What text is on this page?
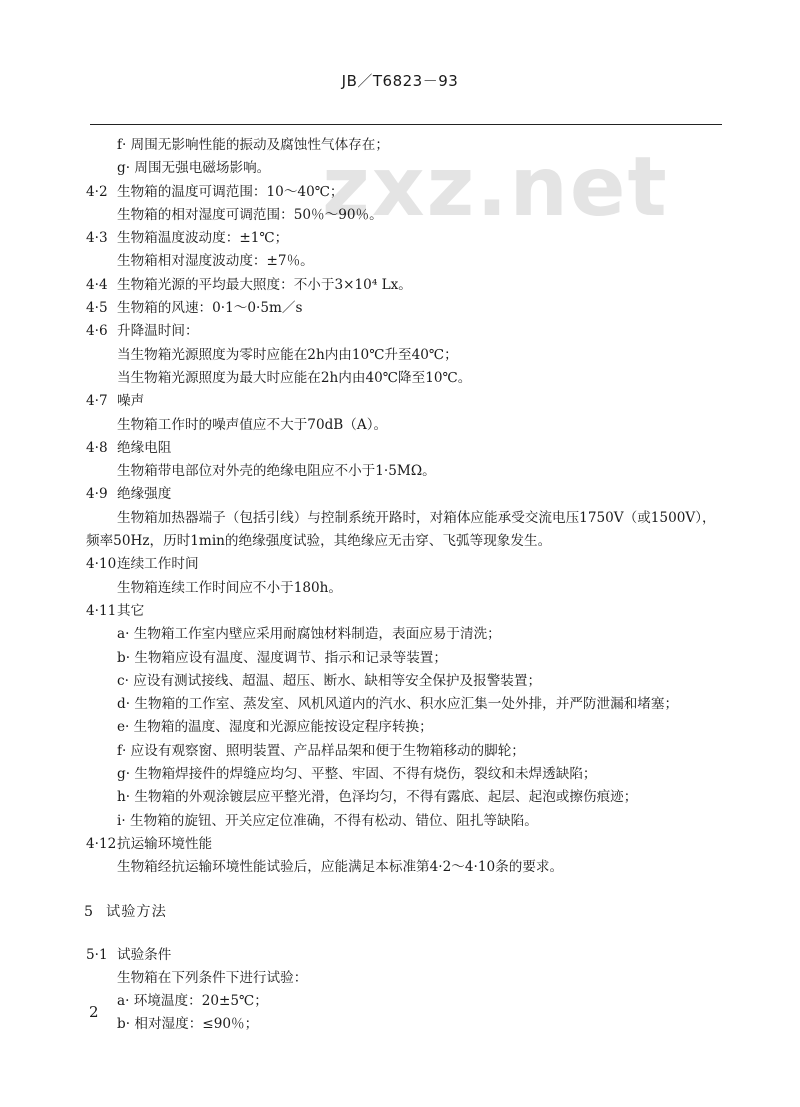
JB／T6823－93
zxz.net
f· 周围无影响性能的振动及腐蚀性气体存在；
g· 周围无强电磁场影响。
4·2 生物箱的温度可调范围：10～40℃；
生物箱的相对湿度可调范围：50％～90％。
4·3 生物箱温度波动度：±1℃；
生物箱相对湿度波动度：±7％。
4·4 生物箱光源的平均最大照度：不小于3×10⁴ Lx。
4·5 生物箱的风速：0·1～0·5m／s
4·6 升降温时间：
当生物箱光源照度为零时应能在2h内由10℃升至40℃；
当生物箱光源照度为最大时应能在2h内由40℃降至10℃。
4·7 噪声
生物箱工作时的噪声值应不大于70dB（A）。
4·8 绝缘电阻
生物箱带电部位对外壳的绝缘电阻应不小于1·5MΩ。
4·9 绝缘强度
生物箱加热器端子（包括引线）与控制系统开路时，对箱体应能承受交流电压1750V（或1500V），频率50Hz，历时1min的绝缘强度试验，其绝缘应无击穿、飞弧等现象发生。
4·10 连续工作时间
生物箱连续工作时间应不小于180h。
4·11 其它
a· 生物箱工作室内壁应采用耐腐蚀材料制造，表面应易于清洗；
b· 生物箱应设有温度、湿度调节、指示和记录等装置；
c· 应设有测试接线、超温、超压、断水、缺相等安全保护及报警装置；
d· 生物箱的工作室、蒸发室、风机风道内的汽水、积水应汇集一处外排，并严防泄漏和堵塞；
e· 生物箱的温度、湿度和光源应能按设定程序转换；
f· 应设有观察窗、照明装置、产品样品架和便于生物箱移动的脚轮；
g· 生物箱焊接件的焊缝应均匀、平整、牢固、不得有烧伤，裂纹和未焊透缺陷；
h· 生物箱的外观涂镀层应平整光滑，色泽均匀，不得有露底、起层、起泡或擦伤痕迹；
i· 生物箱的旋钮、开关应定位准确，不得有松动、错位、阻扎等缺陷。
4·12 抗运输环境性能
生物箱经抗运输环境性能试验后，应能满足本标准第4·2～4·10条的要求。
5 试验方法
5·1 试验条件
生物箱在下列条件下进行试验：
a· 环境温度：20±5℃；
b· 相对湿度：≤90％；
2
